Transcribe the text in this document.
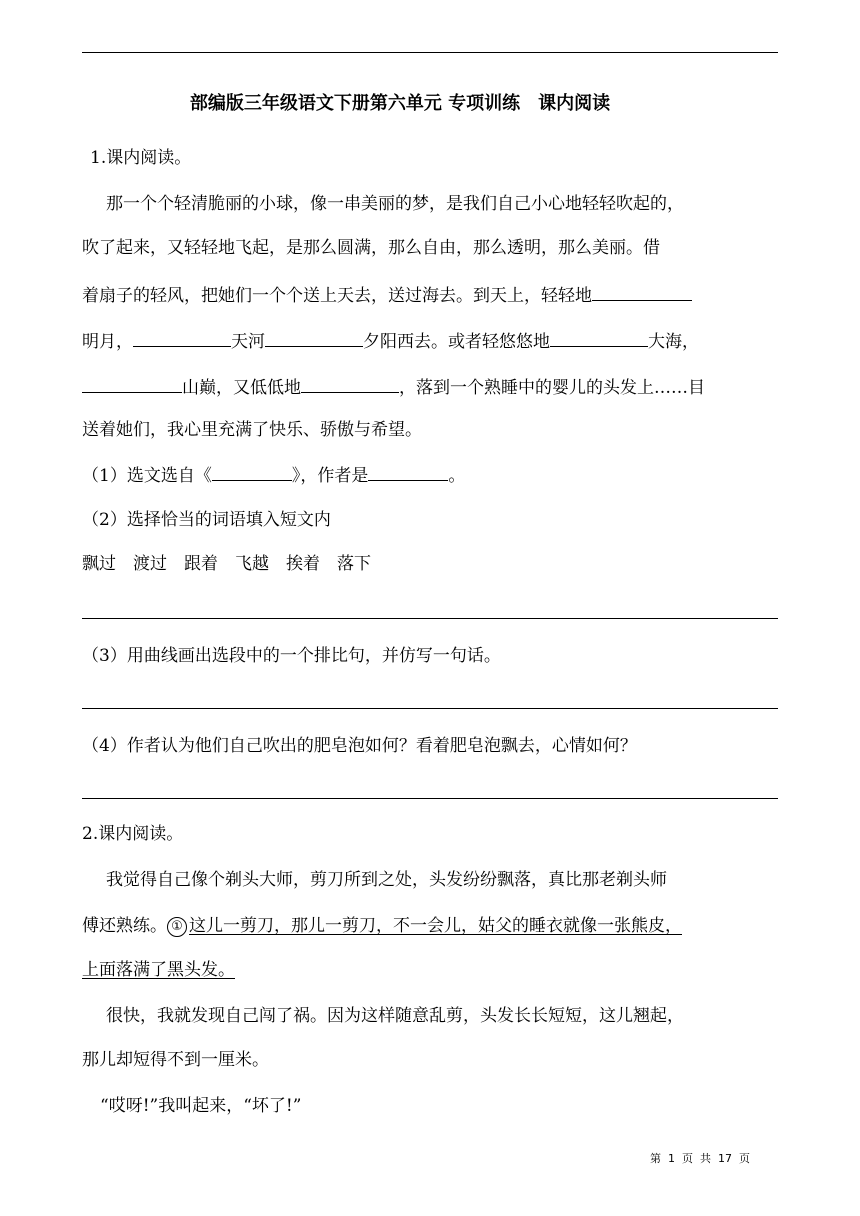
部编版三年级语文下册第六单元 专项训练　课内阅读
1.课内阅读。
那一个个轻清脆丽的小球，像一串美丽的梦，是我们自己小心地轻轻吹起的，
吹了起来，又轻轻地飞起，是那么圆满，那么自由，那么透明，那么美丽。借
着扇子的轻风，把她们一个个送上天去，送过海去。到天上，轻轻地
明月，	天河	夕阳西去。或者轻悠悠地	大海，
山巅，又低低地	，落到一个熟睡中的婴儿的头发上……目
送着她们，我心里充满了快乐、骄傲与希望。
（1）选文选自《	》，作者是	。
（2）选择恰当的词语填入短文内
飘过　渡过　跟着　飞越　挨着　落下
（3）用曲线画出选段中的一个排比句，并仿写一句话。
（4）作者认为他们自己吹出的肥皂泡如何？看着肥皂泡飘去，心情如何？
2.课内阅读。
我觉得自己像个剃头大师，剪刀所到之处，头发纷纷飘落，真比那老剃头师
傅还熟练。 ① 这儿一剪刀，那儿一剪刀，不一会儿，姑父的睡衣就像一张熊皮，
上面落满了黑头发。
很快，我就发现自己闯了祸。因为这样随意乱剪，头发长长短短，这儿翘起，
那儿却短得不到一厘米。
“哎呀!”我叫起来，“坏了!”
第  1  页  共  17  页
